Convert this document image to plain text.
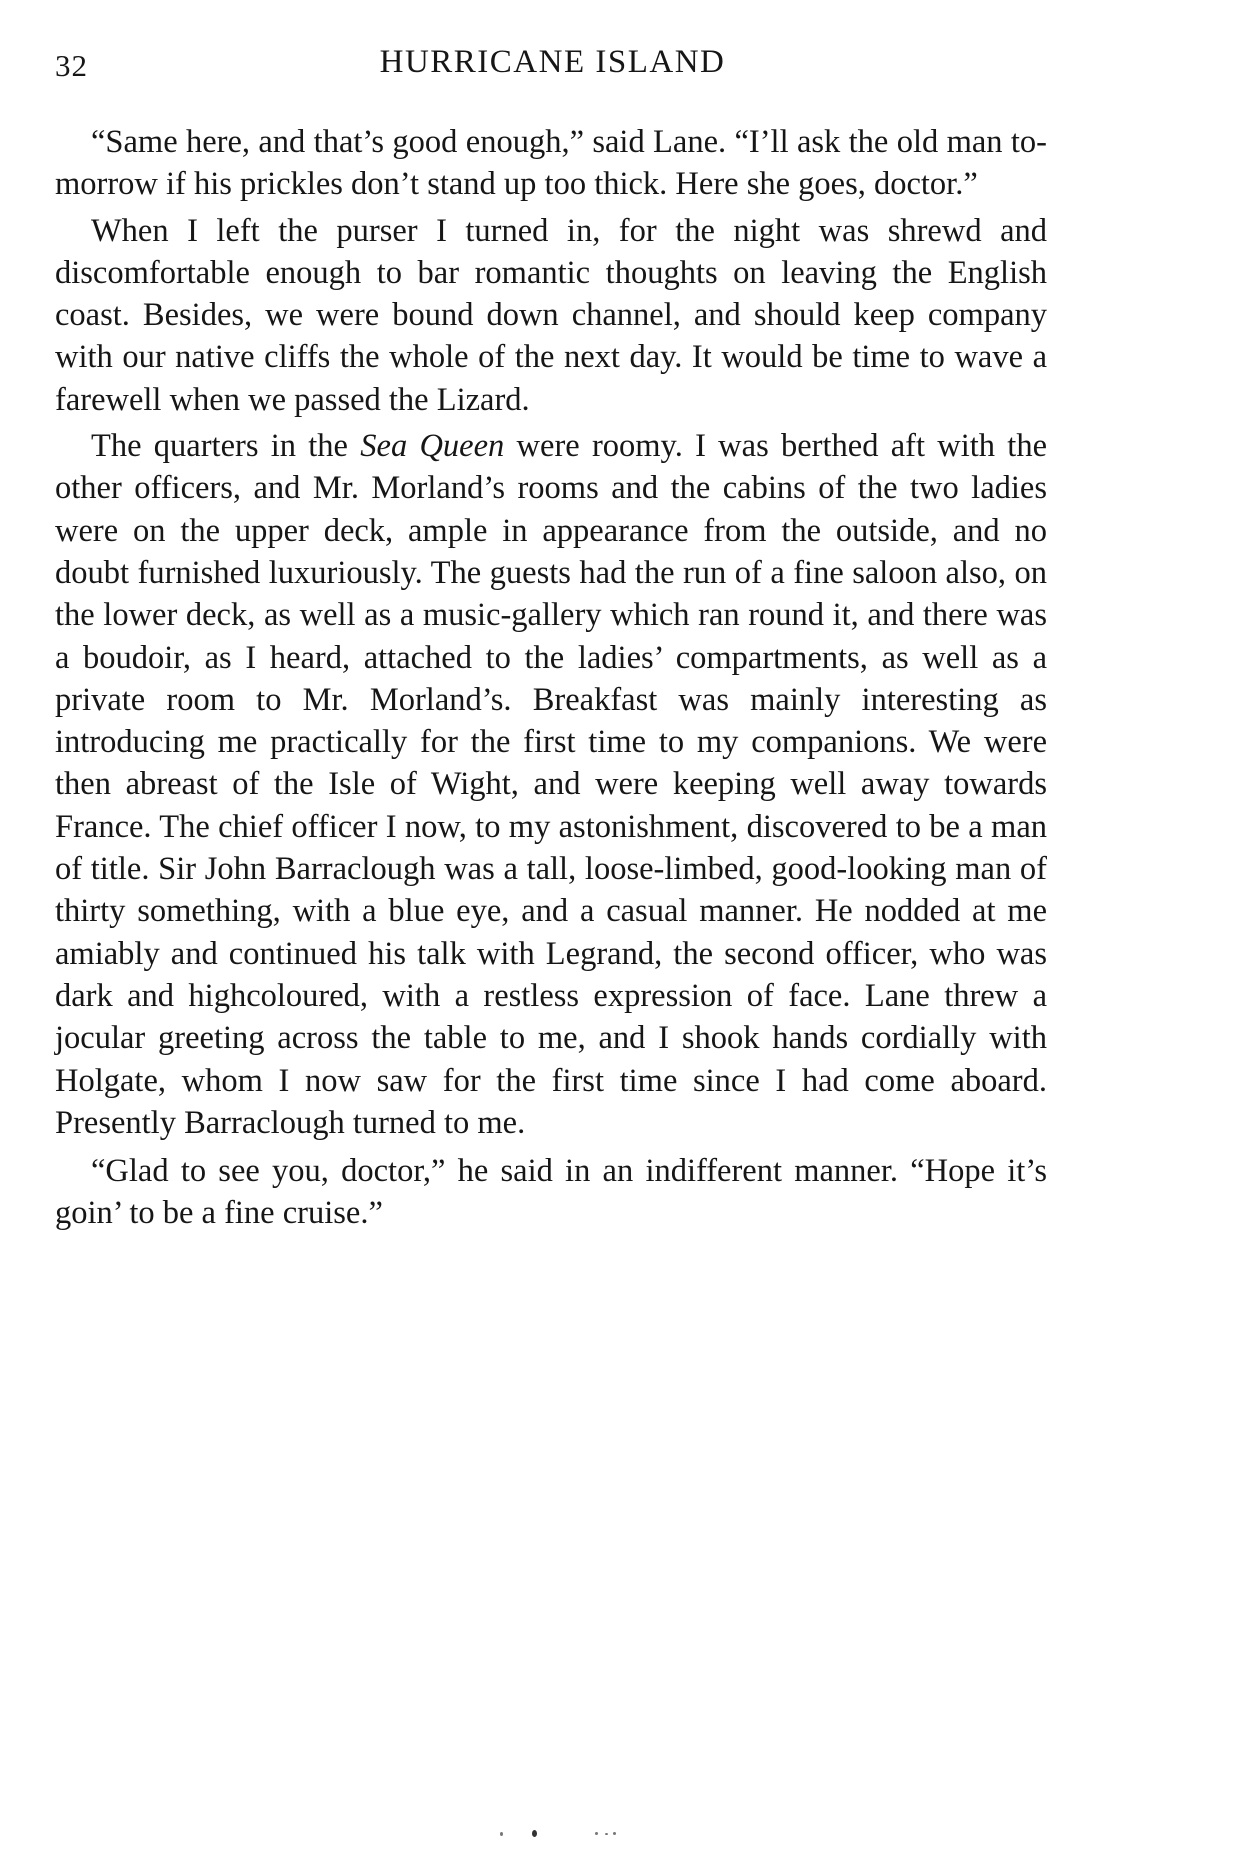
32	HURRICANE ISLAND

“Same here, and that’s good enough,” said Lane. “I’ll ask the old man to-morrow if his prickles don’t stand up too thick. Here she goes, doctor.”

When I left the purser I turned in, for the night was shrewd and discomfortable enough to bar romantic thoughts on leaving the English coast. Besides, we were bound down channel, and should keep company with our native cliffs the whole of the next day. It would be time to wave a farewell when we passed the Lizard.

The quarters in the Sea Queen were roomy. I was berthed aft with the other officers, and Mr. Morland’s rooms and the cabins of the two ladies were on the upper deck, ample in appearance from the outside, and no doubt furnished luxuriously. The guests had the run of a fine saloon also, on the lower deck, as well as a music-gallery which ran round it, and there was a boudoir, as I heard, attached to the ladies’ compartments, as well as a private room to Mr. Morland’s. Breakfast was mainly interesting as introducing me practically for the first time to my companions. We were then abreast of the Isle of Wight, and were keeping well away towards France. The chief officer I now, to my astonishment, discovered to be a man of title. Sir John Barraclough was a tall, loose-limbed, good-looking man of thirty something, with a blue eye, and a casual manner. He nodded at me amiably and continued his talk with Legrand, the second officer, who was dark and highcoloured, with a restless expression of face. Lane threw a jocular greeting across the table to me, and I shook hands cordially with Holgate, whom I now saw for the first time since I had come aboard. Presently Barraclough turned to me.

“Glad to see you, doctor,” he said in an indifferent manner. “Hope it’s goin’ to be a fine cruise.”
